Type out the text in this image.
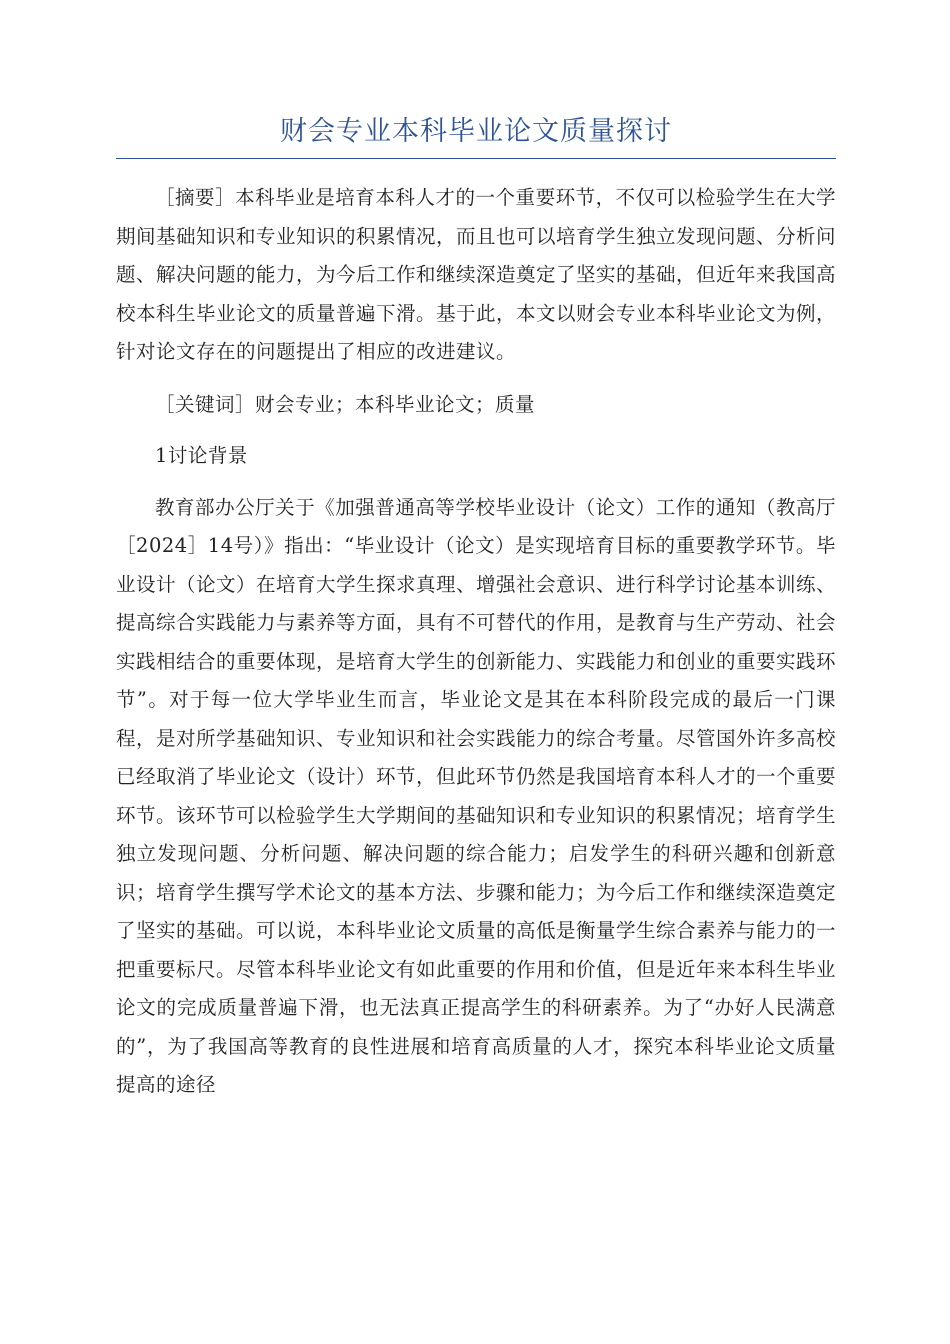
财会专业本科毕业论文质量探讨

［摘要］本科毕业是培育本科人才的一个重要环节，不仅可以检验学生在大学期间基础知识和专业知识的积累情况，而且也可以培育学生独立发现问题、分析问题、解决问题的能力，为今后工作和继续深造奠定了坚实的基础，但近年来我国高校本科生毕业论文的质量普遍下滑。基于此，本文以财会专业本科毕业论文为例，针对论文存在的问题提出了相应的改进建议。

［关键词］财会专业；本科毕业论文；质量

1讨论背景

教育部办公厅关于《加强普通高等学校毕业设计（论文）工作的通知（教高厅［2024］14号）》指出：“毕业设计（论文）是实现培育目标的重要教学环节。毕业设计（论文）在培育大学生探求真理、增强社会意识、进行科学讨论基本训练、提高综合实践能力与素养等方面，具有不可替代的作用，是教育与生产劳动、社会实践相结合的重要体现，是培育大学生的创新能力、实践能力和创业的重要实践环节”。对于每一位大学毕业生而言，毕业论文是其在本科阶段完成的最后一门课程，是对所学基础知识、专业知识和社会实践能力的综合考量。尽管国外许多高校已经取消了毕业论文（设计）环节，但此环节仍然是我国培育本科人才的一个重要环节。该环节可以检验学生大学期间的基础知识和专业知识的积累情况；培育学生独立发现问题、分析问题、解决问题的综合能力；启发学生的科研兴趣和创新意识；培育学生撰写学术论文的基本方法、步骤和能力；为今后工作和继续深造奠定了坚实的基础。可以说，本科毕业论文质量的高低是衡量学生综合素养与能力的一把重要标尺。尽管本科毕业论文有如此重要的作用和价值，但是近年来本科生毕业论文的完成质量普遍下滑，也无法真正提高学生的科研素养。为了“办好人民满意的”，为了我国高等教育的良性进展和培育高质量的人才，探究本科毕业论文质量提高的途径
